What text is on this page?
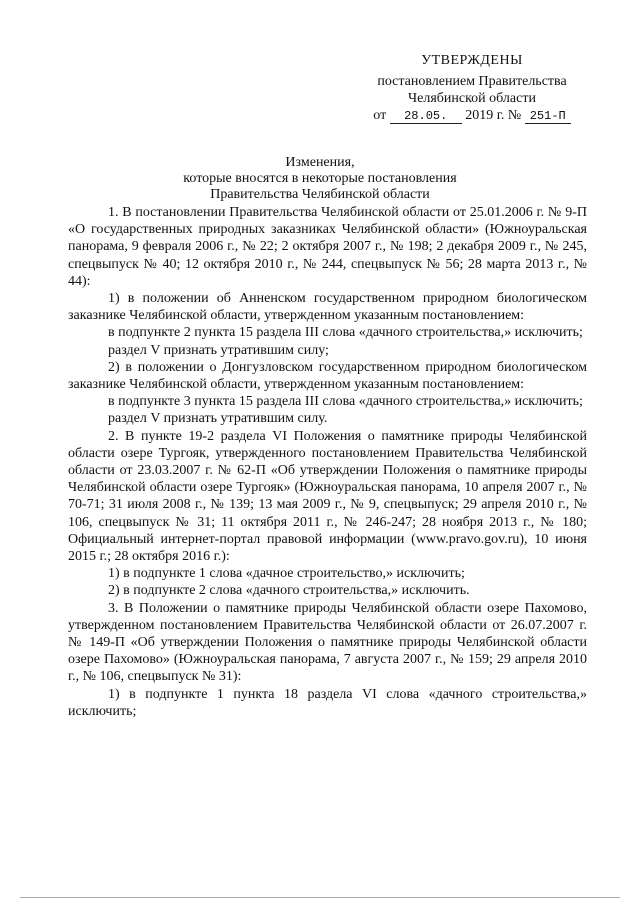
УТВЕРЖДЕНЫ
постановлением Правительства
Челябинской области
от 28.05. 2019 г. № 251-П
Изменения,
которые вносятся в некоторые постановления
Правительства Челябинской области

1. В постановлении Правительства Челябинской области от 25.01.2006 г. № 9-П «О государственных природных заказниках Челябинской области» (Южноуральская панорама, 9 февраля 2006 г., № 22; 2 октября 2007 г., № 198; 2 декабря 2009 г., № 245, спецвыпуск № 40; 12 октября 2010 г., № 244, спецвыпуск № 56; 28 марта 2013 г., № 44):

1) в положении об Анненском государственном природном биологическом заказнике Челябинской области, утвержденном указанным постановлением:

в подпункте 2 пункта 15 раздела III слова «дачного строительства,» исключить;

раздел V признать утратившим силу;

2) в положении о Донгузловском государственном природном биологическом заказнике Челябинской области, утвержденном указанным постановлением:

в подпункте 3 пункта 15 раздела III слова «дачного строительства,» исключить;

раздел V признать утратившим силу.

2. В пункте 19-2 раздела VI Положения о памятнике природы Челябинской области озере Тургояк, утвержденного постановлением Правительства Челябинской области от 23.03.2007 г. № 62-П «Об утверждении Положения о памятнике природы Челябинской области озере Тургояк» (Южноуральская панорама, 10 апреля 2007 г., № 70-71; 31 июля 2008 г., № 139; 13 мая 2009 г., № 9, спецвыпуск; 29 апреля 2010 г., № 106, спецвыпуск № 31; 11 октября 2011 г., № 246-247; 28 ноября 2013 г., № 180; Официальный интернет-портал правовой информации (www.pravo.gov.ru), 10 июня 2015 г.; 28 октября 2016 г.):

1) в подпункте 1 слова «дачное строительство,» исключить;

2) в подпункте 2 слова «дачного строительства,» исключить.

3. В Положении о памятнике природы Челябинской области озере Пахомово, утвержденном постановлением Правительства Челябинской области от 26.07.2007 г. № 149-П «Об утверждении Положения о памятнике природы Челябинской области озере Пахомово» (Южноуральская панорама, 7 августа 2007 г., № 159; 29 апреля 2010 г., № 106, спецвыпуск № 31):

1) в подпункте 1 пункта 18 раздела VI слова «дачного строительства,» исключить;
